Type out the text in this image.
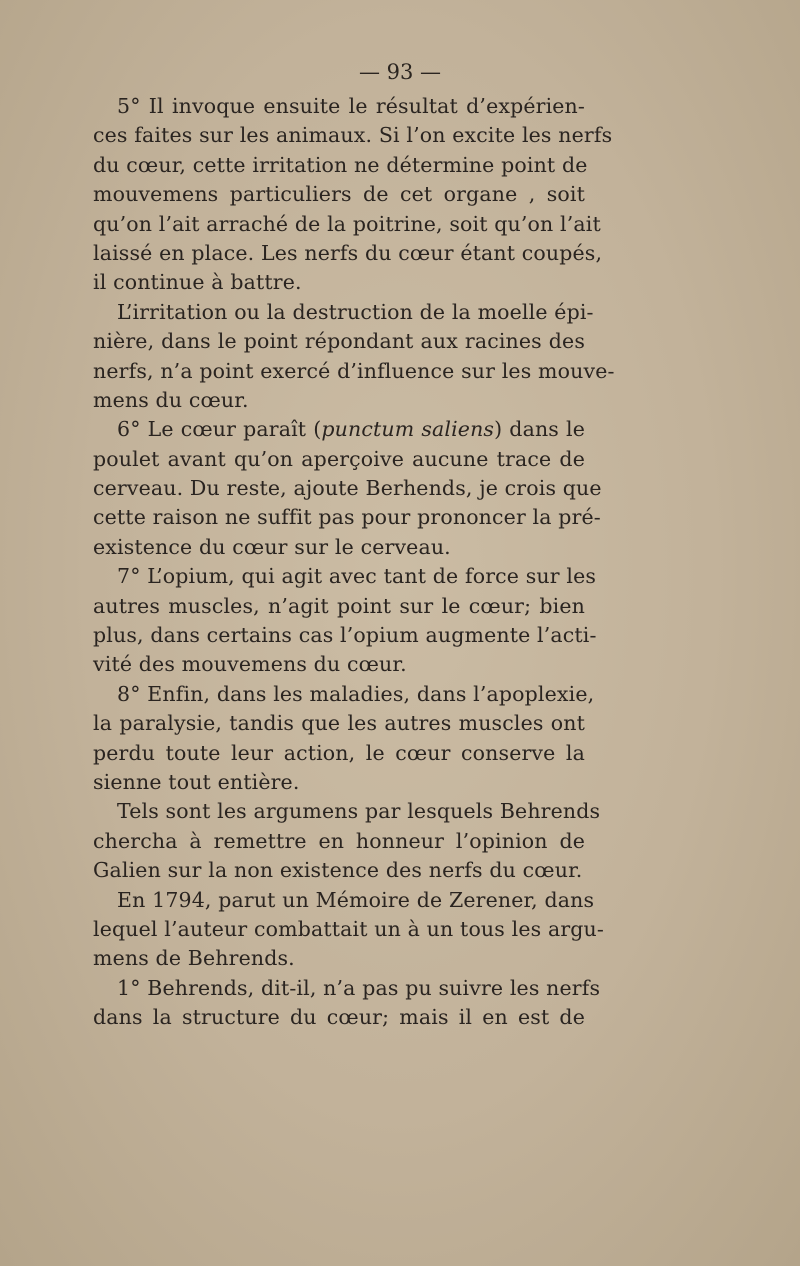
— 93 —
5° Il invoque ensuite le résultat d’expérien-
ces faites sur les animaux. Si l’on excite les nerfs
du cœur, cette irritation ne détermine point de
mouvemens particuliers de cet organe , soit
qu’on l’ait arraché de la poitrine, soit qu’on l’ait
laissé en place. Les nerfs du cœur étant coupés,
il continue à battre.
L’irritation ou la destruction de la moelle épi-
nière, dans le point répondant aux racines des
nerfs, n’a point exercé d’influence sur les mouve-
mens du cœur.
6° Le cœur paraît (punctum saliens) dans le
poulet avant qu’on aperçoive aucune trace de
cerveau. Du reste, ajoute Berhends, je crois que
cette raison ne suffit pas pour prononcer la pré-
existence du cœur sur le cerveau.
7° L’opium, qui agit avec tant de force sur les
autres muscles, n’agit point sur le cœur; bien
plus, dans certains cas l’opium augmente l’acti-
vité des mouvemens du cœur.
8° Enfin, dans les maladies, dans l’apoplexie,
la paralysie, tandis que les autres muscles ont
perdu toute leur action, le cœur conserve la
sienne tout entière.
Tels sont les argumens par lesquels Behrends
chercha à remettre en honneur l’opinion de
Galien sur la non existence des nerfs du cœur.
En 1794, parut un Mémoire de Zerener, dans
lequel l’auteur combattait un à un tous les argu-
mens de Behrends.
1° Behrends, dit-il, n’a pas pu suivre les nerfs
dans la structure du cœur; mais il en est de
